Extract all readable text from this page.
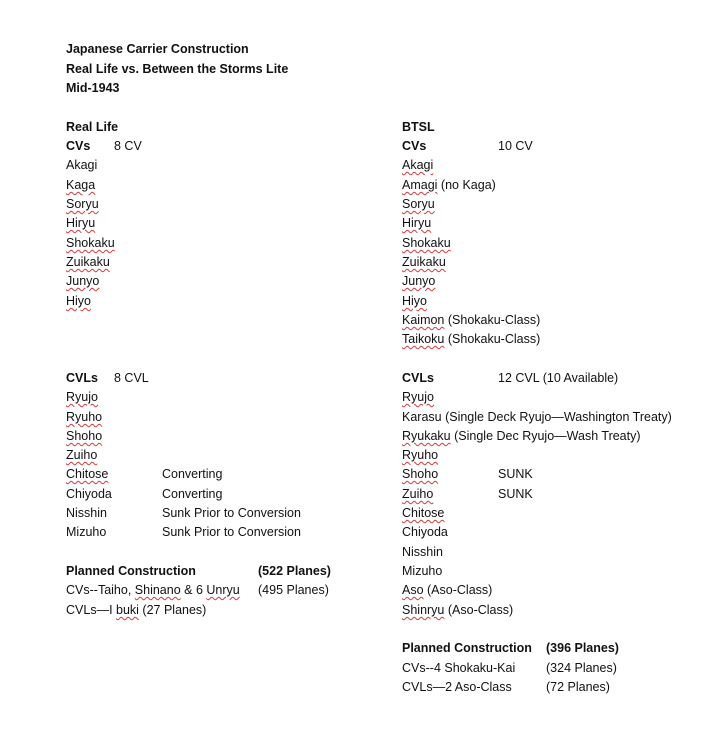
Japanese Carrier Construction
Real Life vs. Between the Storms Lite
Mid-1943
Real Life
CVs 8 CV
Akagi
Kaga
Soryu
Hiryu
Shokaku
Zuikaku
Junyo
Hiyo
CVLs 8 CVL
Ryujo
Ryuho
Shoho
Zuiho
Chitose	Converting
Chiyoda	Converting
Nisshin	Sunk Prior to Conversion
Mizuho	Sunk Prior to Conversion
Planned Construction	(522 Planes)
CVs--Taiho, Shinano & 6 Unryu (495 Planes)
CVLs—I buki (27 Planes)
BTSL
CVs	10 CV
Akagi
Amagi (no Kaga)
Soryu
Hiryu
Shokaku
Zuikaku
Junyo
Hiyo
Kaimon (Shokaku-Class)
Taikoku (Shokaku-Class)
CVLs	12 CVL (10 Available)
Ryujo
Karasu (Single Deck Ryujo—Washington Treaty)
Ryukaku (Single Dec Ryujo—Wash Treaty)
Ryuho
Shoho	SUNK
Zuiho	SUNK
Chitose
Chiyoda
Nisshin
Mizuho
Aso (Aso-Class)
Shinryu (Aso-Class)
Planned Construction (396 Planes)
CVs--4 Shokaku-Kai (324 Planes)
CVLs—2 Aso-Class	(72 Planes)
